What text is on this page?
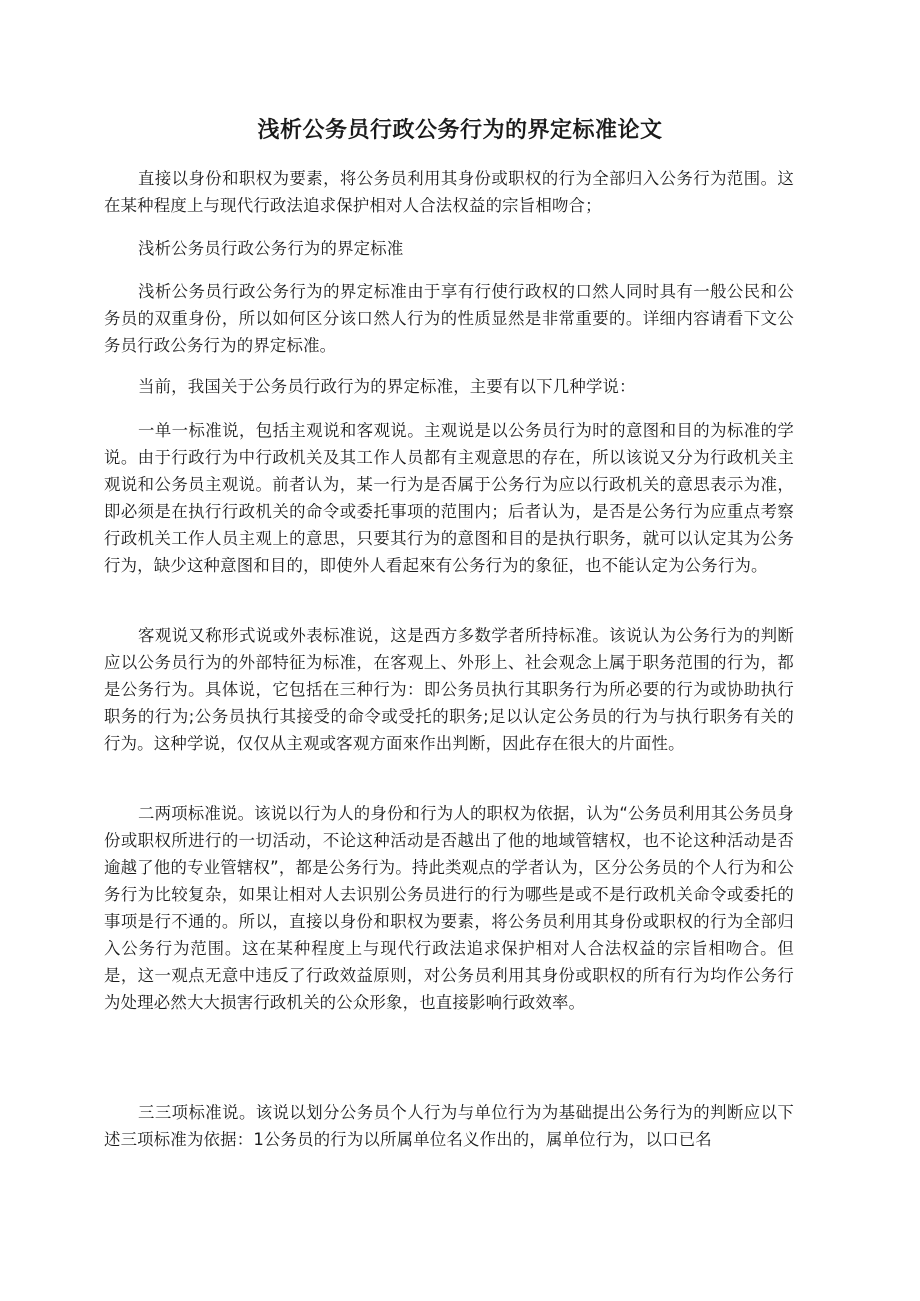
浅析公务员行政公务行为的界定标准论文

直接以身份和职权为要素，将公务员利用其身份或职权的行为全部归入公务行为范围。这在某种程度上与现代行政法追求保护相对人合法权益的宗旨相吻合；

浅析公务员行政公务行为的界定标准

浅析公务员行政公务行为的界定标准由于享有行使行政权的口然人同时具有一般公民和公务员的双重身份，所以如何区分该口然人行为的性质显然是非常重要的。详细内容请看下文公务员行政公务行为的界定标准。

当前，我国关于公务员行政行为的界定标准，主要有以下几种学说：

一单一标准说，包括主观说和客观说。主观说是以公务员行为时的意图和目的为标准的学说。由于行政行为中行政机关及其工作人员都有主观意思的存在，所以该说又分为行政机关主观说和公务员主观说。前者认为，某一行为是否属于公务行为应以行政机关的意思表示为准，即必须是在执行行政机关的命令或委托事项的范围内；后者认为，是否是公务行为应重点考察行政机关工作人员主观上的意思，只要其行为的意图和目的是执行职务，就可以认定其为公务行为，缺少这种意图和目的，即使外人看起來有公务行为的象征，也不能认定为公务行为。

客观说又称形式说或外表标准说，这是西方多数学者所持标准。该说认为公务行为的判断应以公务员行为的外部特征为标准，在客观上、外形上、社会观念上属于职务范围的行为，都是公务行为。具体说，它包括在三种行为：即公务员执行其职务行为所必要的行为或协助执行职务的行为;公务员执行其接受的命令或受托的职务;足以认定公务员的行为与执行职务有关的行为。这种学说，仅仅从主观或客观方面來作出判断，因此存在很大的片面性。

二两项标准说。该说以行为人的身份和行为人的职权为依据，认为“公务员利用其公务员身份或职权所进行的一切活动，不论这种活动是否越出了他的地域管辖权，也不论这种活动是否逾越了他的专业管辖权”，都是公务行为。持此类观点的学者认为，区分公务员的个人行为和公务行为比较复杂，如果让相对人去识别公务员进行的行为哪些是或不是行政机关命令或委托的事项是行不通的。所以，直接以身份和职权为要素，将公务员利用其身份或职权的行为全部归入公务行为范围。这在某种程度上与现代行政法追求保护相对人合法权益的宗旨相吻合。但是，这一观点无意中违反了行政效益原则，对公务员利用其身份或职权的所有行为均作公务行为处理必然大大损害行政机关的公众形象，也直接影响行政效率。

三三项标准说。该说以划分公务员个人行为与单位行为为基础提出公务行为的判断应以下述三项标准为依据：1公务员的行为以所属单位名义作出的，属单位行为，以口已名
